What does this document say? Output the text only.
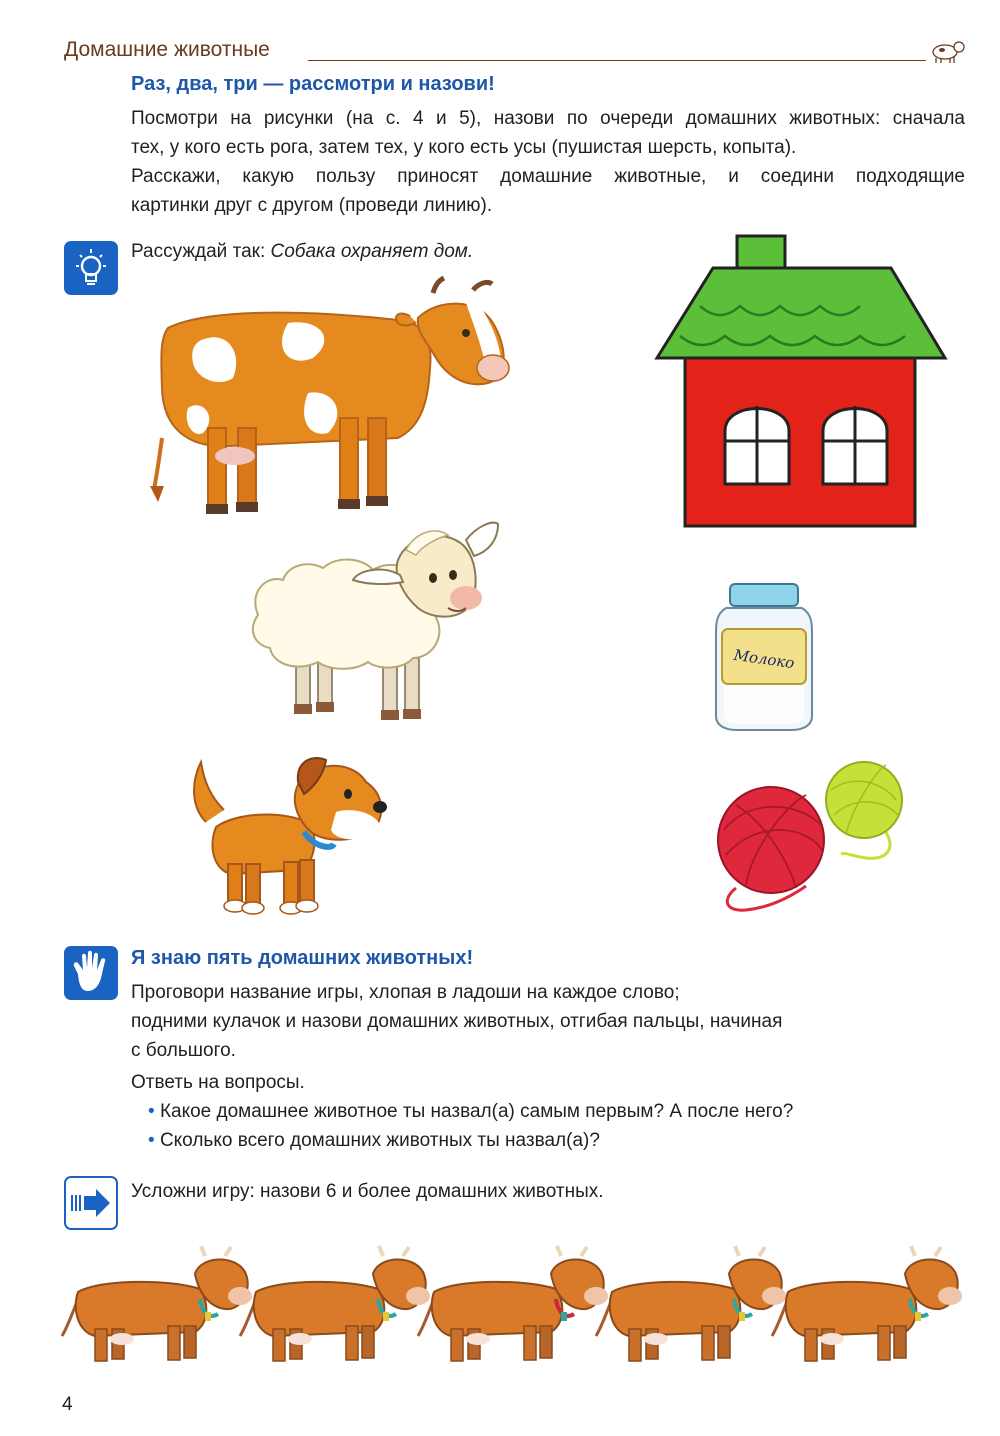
Домашние животные
Раз, два, три — рассмотри и назови!
Посмотри на рисунки (на с. 4 и 5), назови по очереди домашних животных: сначала
тех, у кого есть рога, затем тех, у кого есть усы (пушистая шерсть, копыта).
Расскажи, какую пользу приносят домашние животные, и соедини подходящие
картинки друг с другом (проведи линию).
Рассуждай так: Собака охраняет дом.
Молоко
Я знаю пять домашних животных!
Проговори название игры, хлопая в ладоши на каждое слово;
подними кулачок и назови домашних животных, отгибая пальцы, начиная
с большого.
Ответь на вопросы.
• Какое домашнее животное ты назвал(а) самым первым? А после него?
• Сколько всего домашних животных ты назвал(а)?
Усложни игру: назови 6 и более домашних животных.
4
